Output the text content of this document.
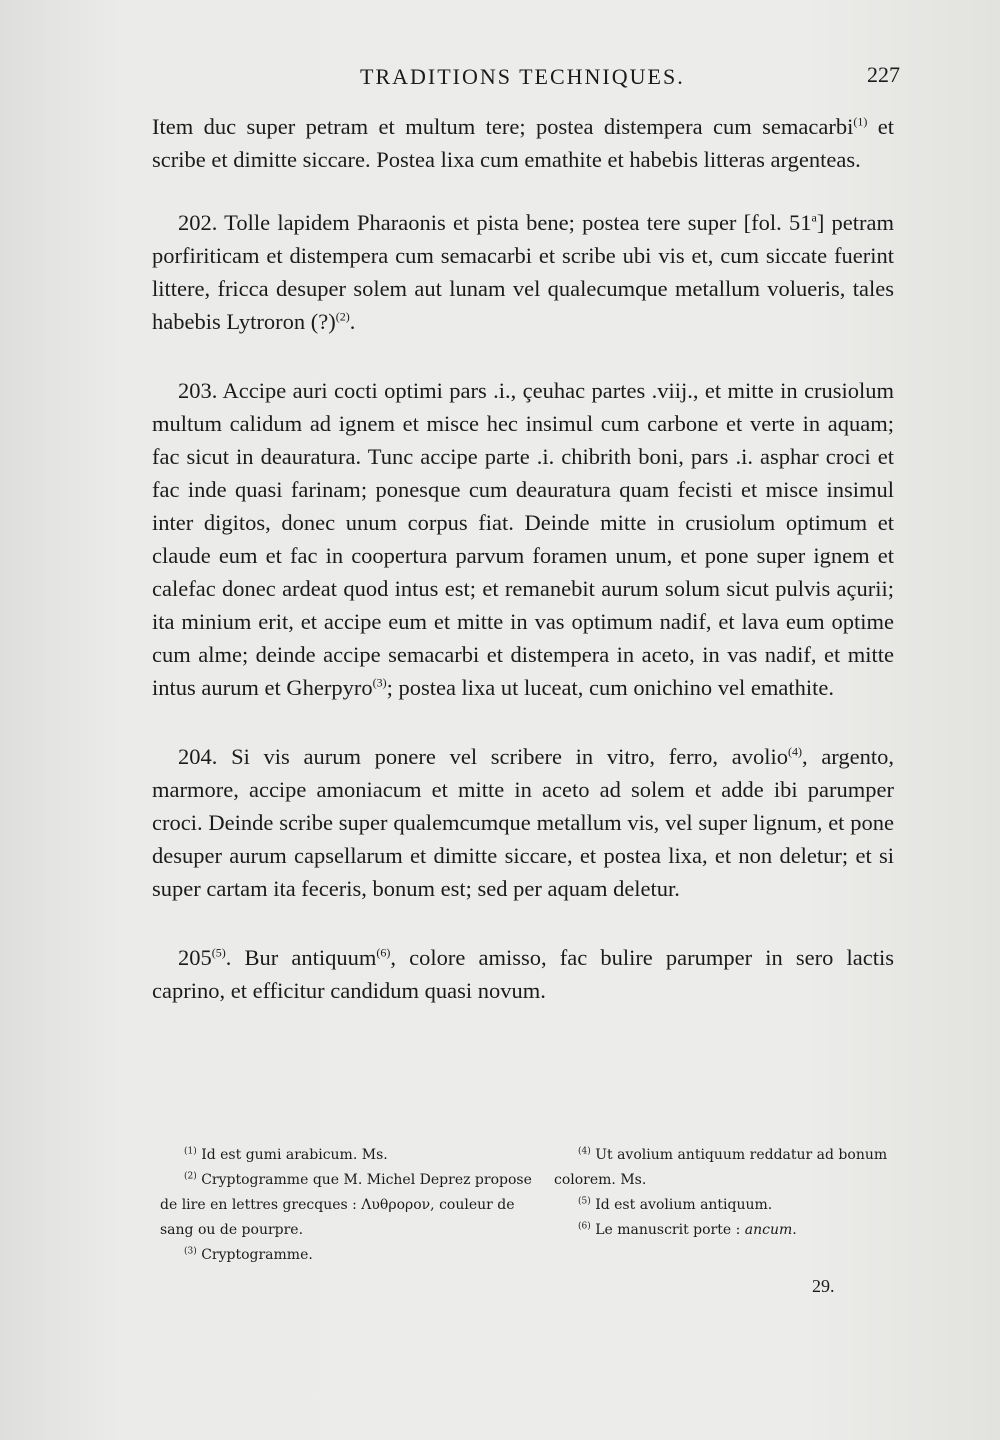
TRADITIONS TECHNIQUES.	227

Item duc super petram et multum tere; postea distempera cum semacarbi$^{(1)}$ et scribe et dimitte siccare. Postea lixa cum emathite et habebis litteras argenteas.

202. Tolle lapidem Pharaonis et pista bene; postea tere super [fol. 51$^a$] petram porfiriticam et distempera cum semacarbi et scribe ubi vis et, cum siccate fuerint littere, fricca desuper solem aut lunam vel qualecumque metallum volueris, tales habebis Lytroron (?)$^{(2)}$.

203. Accipe auri cocti optimi pars .i., çeuhac partes .viij., et mitte in crusiolum multum calidum ad ignem et misce hec insimul cum carbone et verte in aquam; fac sicut in deauratura. Tunc accipe parte .i. chibrith boni, pars .i. asphar croci et fac inde quasi farinam; ponesque cum deauratura quam fecisti et misce insimul inter digitos, donec unum corpus fiat. Deinde mitte in crusiolum optimum et claude eum et fac in coopertura parvum foramen unum, et pone super ignem et calefac donec ardeat quod intus est; et remanebit aurum solum sicut pulvis açurii; ita minium erit, et accipe eum et mitte in vas optimum nadif, et lava eum optime cum alme; deinde accipe semacarbi et distempera in aceto, in vas nadif, et mitte intus aurum et Gherpyro$^{(3)}$; postea lixa ut luceat, cum onichino vel emathite.

204. Si vis aurum ponere vel scribere in vitro, ferro, avolio$^{(4)}$, argento, marmore, accipe amoniacum et mitte in aceto ad solem et adde ibi parumper croci. Deinde scribe super qualemcumque metallum vis, vel super lignum, et pone desuper aurum capsellarum et dimitte siccare, et postea lixa, et non deletur; et si super cartam ita feceris, bonum est; sed per aquam deletur.

205$^{(5)}$. Bur antiquum$^{(6)}$, colore amisso, fac bulire parumper in sero lactis caprino, et efficitur candidum quasi novum.

$^{(1)}$ Id est gumi arabicum. Ms.

$^{(2)}$ Cryptogramme que M. Michel Deprez propose de lire en lettres grecques : Λυθρορον, couleur de sang ou de pourpre.

$^{(3)}$ Cryptogramme.

$^{(4)}$ Ut avolium antiquum reddatur ad bonum colorem. Ms.

$^{(5)}$ Id est avolium antiquum.

$^{(6)}$ Le manuscrit porte : ancum.

29.
